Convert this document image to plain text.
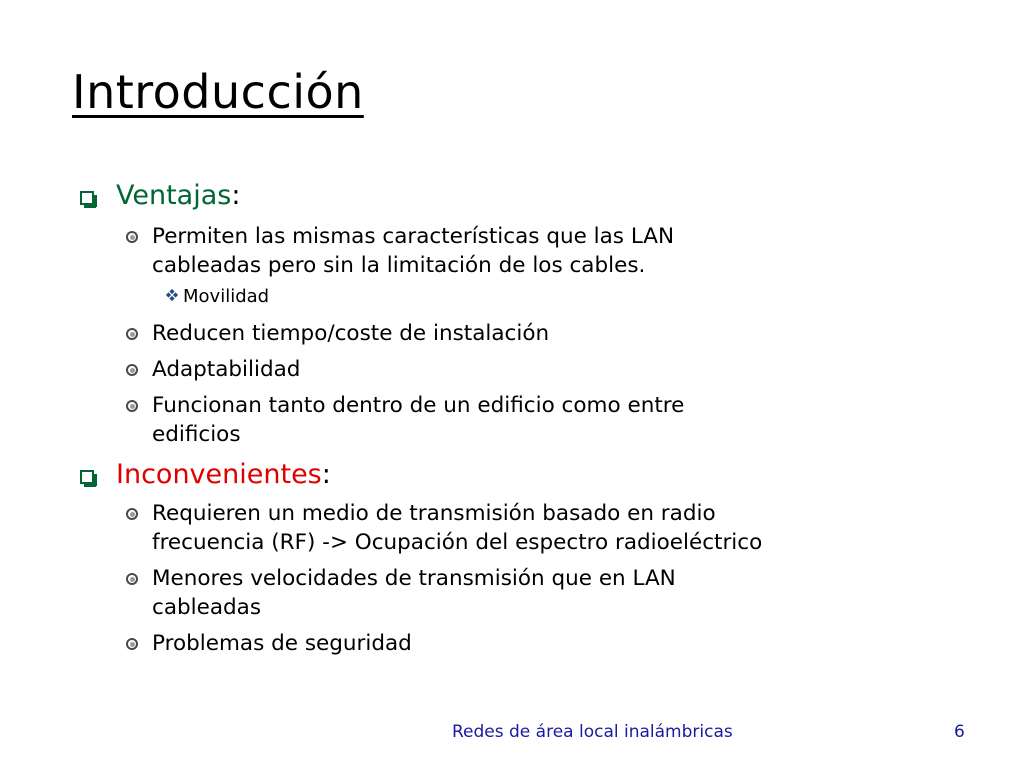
Introducción
Ventajas:
Permiten las mismas características que las LAN
cableadas pero sin la limitación de los cables.
Movilidad
Reducen tiempo/coste de instalación
Adaptabilidad
Funcionan tanto dentro de un edificio como entre
edificios
Inconvenientes:
Requieren un medio de transmisión basado en radio
frecuencia (RF) -> Ocupación del espectro radioeléctrico
Menores velocidades de transmisión que en LAN
cableadas
Problemas de seguridad
Redes de área local inalámbricas	6
